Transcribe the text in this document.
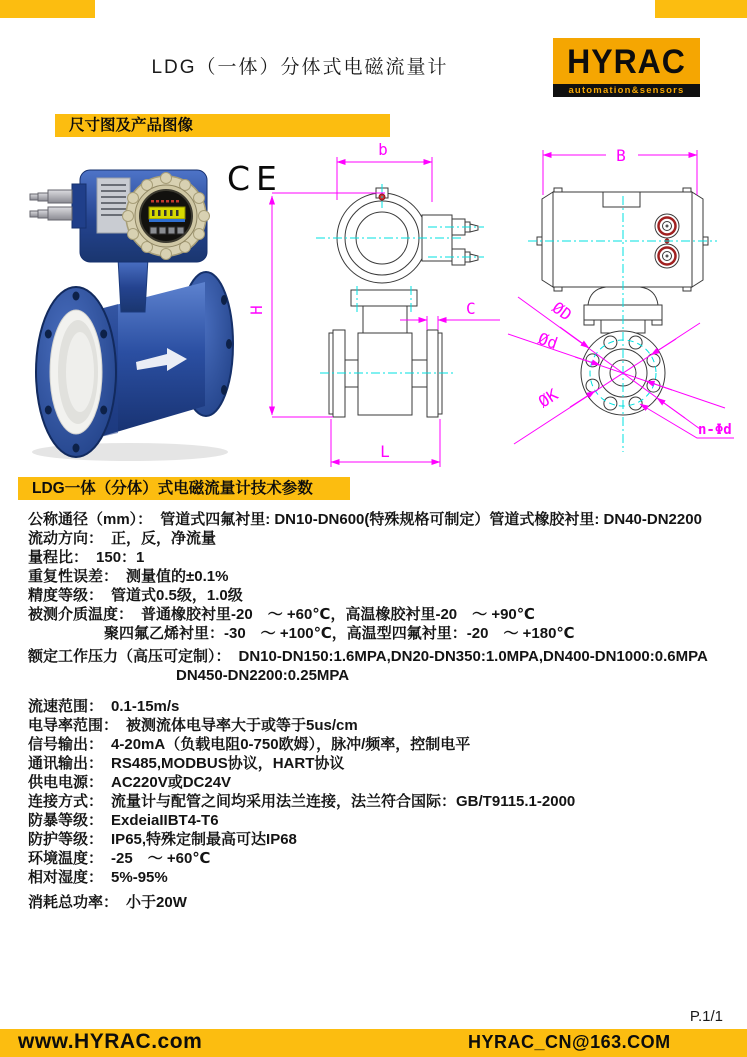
LDG（一体）分体式电磁流量计	HYRAC
automation&sensors
尺寸图及产品图像
CE
b
H	C
L
B
ØD
Ød
ØK
n-Φd
LDG一体（分体）式电磁流量计技术参数
公称通径（mm）： 管道式四氟衬里: DN10-DN600(特殊规格可制定）管道式橡胶衬里: DN40-DN2200
流动方向： 正，反，净流量
量程比： 150：1
重复性误差： 测量值的±0.1%
精度等级： 管道式0.5级，1.0级
被测介质温度： 普通橡胶衬里-20　～ +60℃，高温橡胶衬里-20　～ +90℃
聚四氟乙烯衬里：-30　～ +100℃，高温型四氟衬里：-20　～ +180℃
额定工作压力（高压可定制）： DN10-DN150:1.6MPA,DN20-DN350:1.0MPA,DN400-DN1000:0.6MPA
DN450-DN2200:0.25MPA
流速范围： 0.1-15m/s
电导率范围： 被测流体电导率大于或等于5us/cm
信号输出： 4-20mA（负载电阻0-750欧姆），脉冲/频率，控制电平
通讯输出： RS485,MODBUS协议，HART协议
供电电源： AC220V或DC24V
连接方式： 流量计与配管之间均采用法兰连接，法兰符合国际：GB/T9115.1-2000
防暴等级： ExdeiaIIBT4-T6
防护等级： IP65,特殊定制最高可达IP68
环境温度： -25　～ +60℃
相对湿度： 5%-95%
消耗总功率： 小于20W
P.1/1
www.HYRAC.com	HYRAC_CN@163.COM
